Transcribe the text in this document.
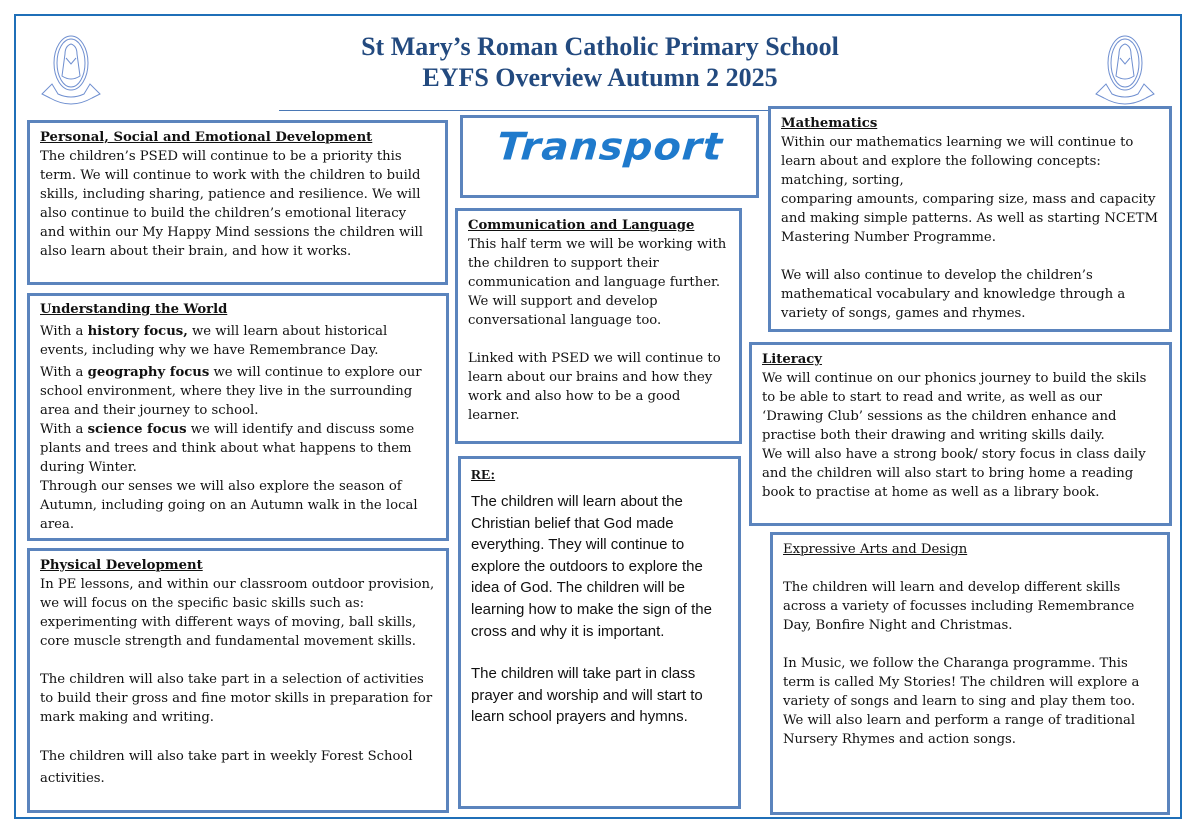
St Mary’s Roman Catholic Primary School
EYFS Overview Autumn 2 2025
Personal, Social and Emotional Development

The children’s PSED will continue to be a priority this term. We will continue to work with the children to build skills, including sharing, patience and resilience. We will also continue to build the children’s emotional literacy and within our My Happy Mind sessions the children will also learn about their brain, and how it works.

Understanding the World

With a history focus, we will learn about historical events, including why we have Remembrance Day.

With a geography focus we will continue to explore our school environment, where they live in the surrounding area and their journey to school.

With a science focus we will identify and discuss some plants and trees and think about what happens to them during Winter.

Through our senses we will also explore the season of Autumn, including going on an Autumn walk in the local area.

Physical Development

In PE lessons, and within our classroom outdoor provision, we will focus on the specific basic skills such as: experimenting with different ways of moving, ball skills, core muscle strength and fundamental movement skills.

The children will also take part in a selection of activities to build their gross and fine motor skills in preparation for mark making and writing.

The children will also take part in weekly Forest School activities.

Transport
Communication and Language

This half term we will be working with the children to support their communication and language further. We will support and develop conversational language too.

Linked with PSED we will continue to learn about our brains and how they work and also how to be a good learner.

RE:

The children will learn about the Christian belief that God made everything. They will continue to explore the outdoors to explore the idea of God. The children will be learning how to make the sign of the cross and why it is important.

The children will take part in class prayer and worship and will start to learn school prayers and hymns.

Mathematics

Within our mathematics learning we will continue to learn about and explore the following concepts: matching, sorting,

comparing amounts, comparing size, mass and capacity and making simple patterns. As well as starting NCETM Mastering Number Programme.

We will also continue to develop the children’s mathematical vocabulary and knowledge through a variety of songs, games and rhymes.

Literacy

We will continue on our phonics journey to build the skils to be able to start to read and write, as well as our ‘Drawing Club’ sessions as the children enhance and practise both their drawing and writing skills daily.

We will also have a strong book/ story focus in class daily and the children will also start to bring home a reading book to practise at home as well as a library book.

Expressive Arts and Design

The children will learn and develop different skills across a variety of focusses including Remembrance Day, Bonfire Night and Christmas.

In Music, we follow the Charanga programme. This term is called My Stories! The children will explore a variety of songs and learn to sing and play them too. We will also learn and perform a range of traditional Nursery Rhymes and action songs.
